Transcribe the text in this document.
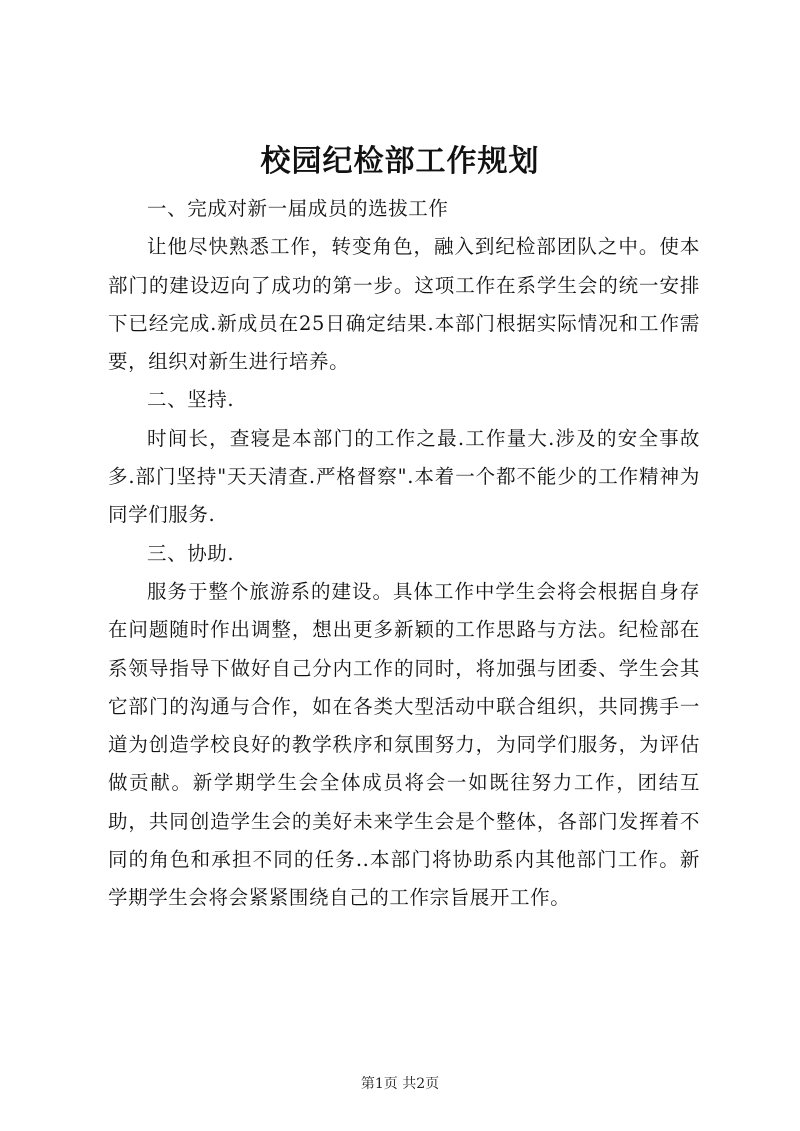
校园纪检部工作规划

一、完成对新一届成员的选拔工作

让他尽快熟悉工作，转变角色，融入到纪检部团队之中。使本部门的建设迈向了成功的第一步。这项工作在系学生会的统一安排下已经完成.新成员在25日确定结果.本部门根据实际情况和工作需要，组织对新生进行培养。

二、坚持.

时间长，查寝是本部门的工作之最.工作量大.涉及的安全事故多.部门坚持"天天清查.严格督察".本着一个都不能少的工作精神为同学们服务.

三、协助.

服务于整个旅游系的建设。具体工作中学生会将会根据自身存在问题随时作出调整，想出更多新颖的工作思路与方法。纪检部在系领导指导下做好自己分内工作的同时，将加强与团委、学生会其它部门的沟通与合作，如在各类大型活动中联合组织，共同携手一道为创造学校良好的教学秩序和氛围努力，为同学们服务，为评估做贡献。新学期学生会全体成员将会一如既往努力工作，团结互助，共同创造学生会的美好未来学生会是个整体，各部门发挥着不同的角色和承担不同的任务..本部门将协助系内其他部门工作。新学期学生会将会紧紧围绕自己的工作宗旨展开工作。

第1页 共2页
